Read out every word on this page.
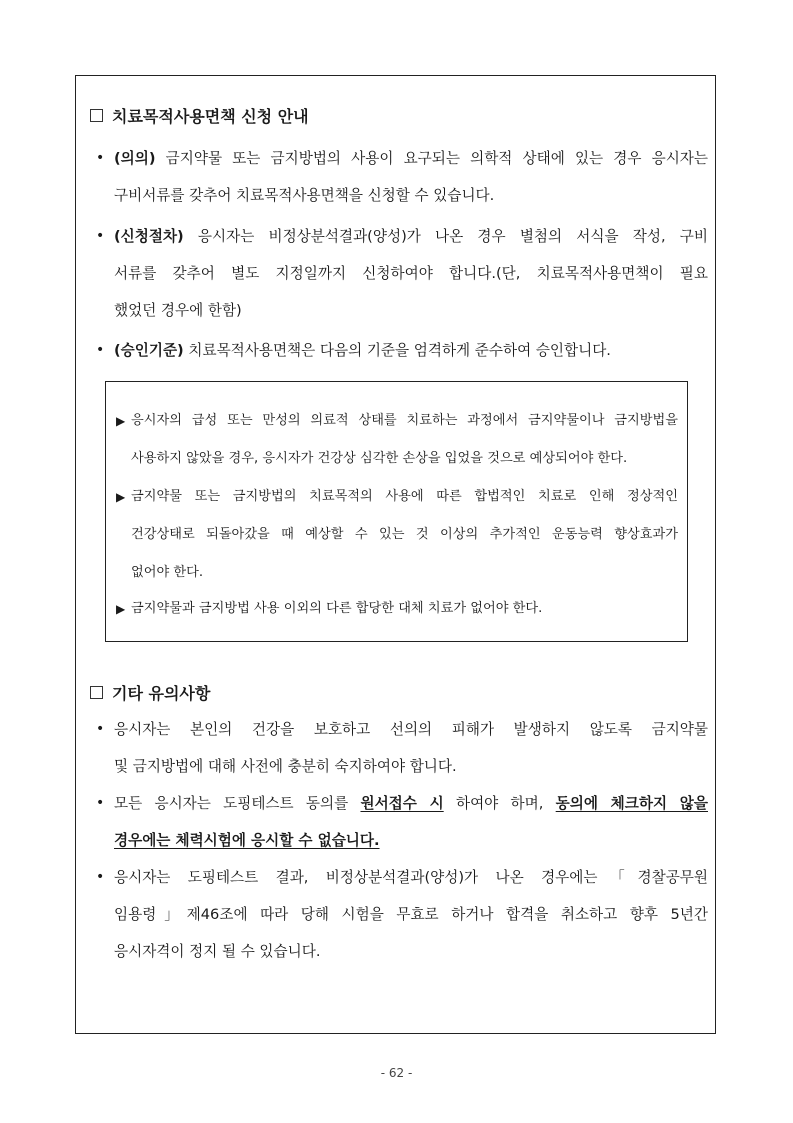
치료목적사용면책 신청 안내
• (의의) 금지약물 또는 금지방법의 사용이 요구되는 의학적 상태에 있는 경우 응시자는
구비서류를 갖추어 치료목적사용면책을 신청할 수 있습니다.
• (신청절차) 응시자는 비정상분석결과(양성)가 나온 경우 별첨의 서식을 작성, 구비
서류를 갖추어 별도 지정일까지 신청하여야 합니다.(단, 치료목적사용면책이 필요
했었던 경우에 한함)
• (승인기준) 치료목적사용면책은 다음의 기준을 엄격하게 준수하여 승인합니다.
▶ 응시자의 급성 또는 만성의 의료적 상태를 치료하는 과정에서 금지약물이나 금지방법을
사용하지 않았을 경우, 응시자가 건강상 심각한 손상을 입었을 것으로 예상되어야 한다.
▶ 금지약물 또는 금지방법의 치료목적의 사용에 따른 합법적인 치료로 인해 정상적인
건강상태로 되돌아갔을 때 예상할 수 있는 것 이상의 추가적인 운동능력 향상효과가
없어야 한다.
▶ 금지약물과 금지방법 사용 이외의 다른 합당한 대체 치료가 없어야 한다.
기타 유의사항
• 응시자는 본인의 건강을 보호하고 선의의 피해가 발생하지 않도록 금지약물
및 금지방법에 대해 사전에 충분히 숙지하여야 합니다.
• 모든 응시자는 도핑테스트 동의를 원서접수 시 하여야 하며, 동의에 체크하지 않을
경우에는 체력시험에 응시할 수 없습니다.
• 응시자는 도핑테스트 결과, 비정상분석결과(양성)가 나온 경우에는「경찰공무원
임용령」제46조에 따라 당해 시험을 무효로 하거나 합격을 취소하고 향후 5년간
응시자격이 정지 될 수 있습니다.
- 62 -
